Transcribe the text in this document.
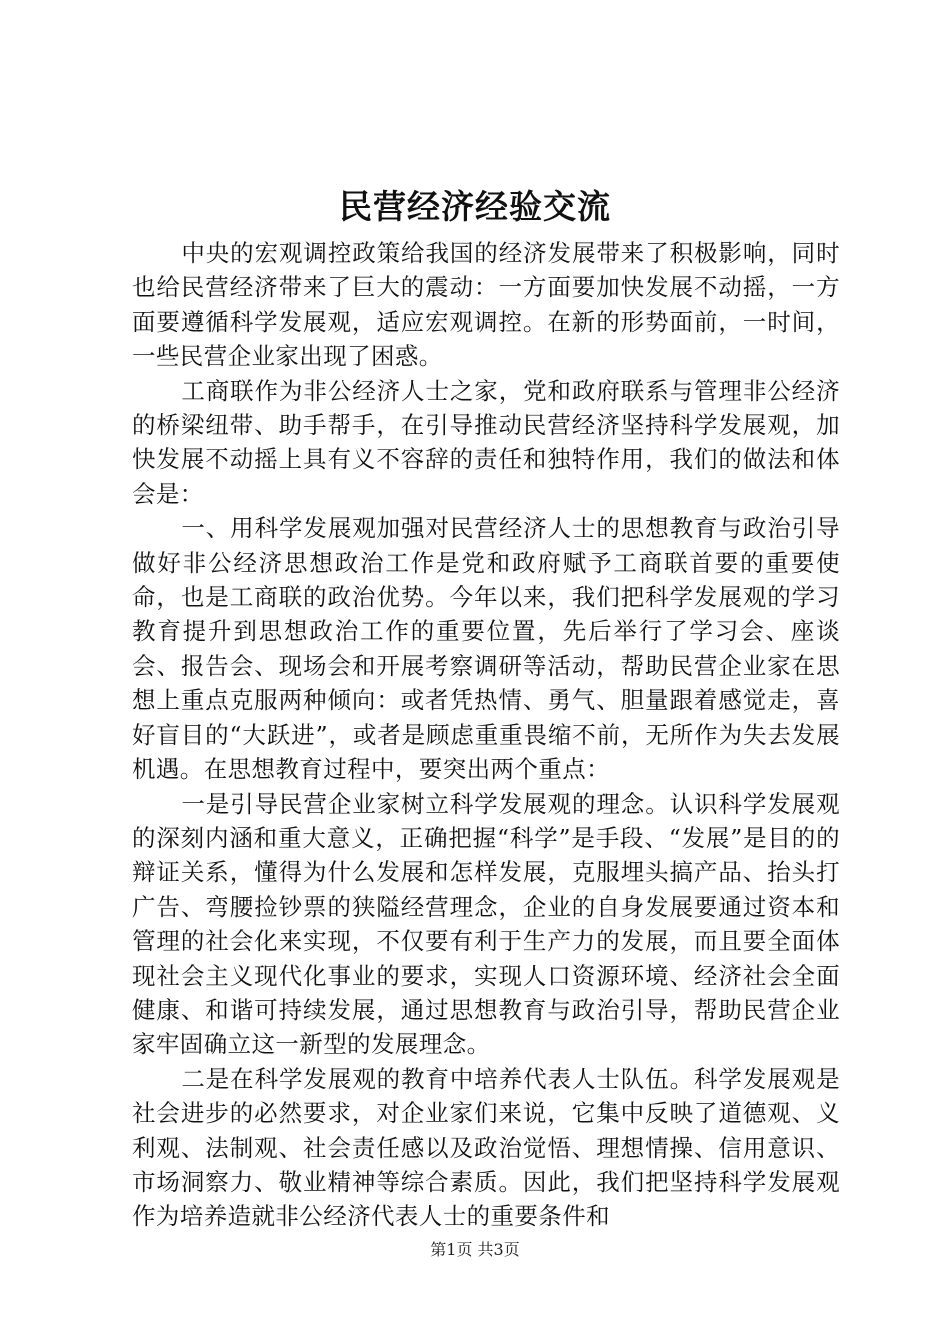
民营经济经验交流

中央的宏观调控政策给我国的经济发展带来了积极影响，同时也给民营经济带来了巨大的震动：一方面要加快发展不动摇，一方面要遵循科学发展观，适应宏观调控。在新的形势面前，一时间，一些民营企业家出现了困惑。

工商联作为非公经济人士之家，党和政府联系与管理非公经济的桥梁纽带、助手帮手，在引导推动民营经济坚持科学发展观，加快发展不动摇上具有义不容辞的责任和独特作用，我们的做法和体会是：

一、用科学发展观加强对民营经济人士的思想教育与政治引导做好非公经济思想政治工作是党和政府赋予工商联首要的重要使命，也是工商联的政治优势。今年以来，我们把科学发展观的学习教育提升到思想政治工作的重要位置，先后举行了学习会、座谈会、报告会、现场会和开展考察调研等活动，帮助民营企业家在思想上重点克服两种倾向：或者凭热情、勇气、胆量跟着感觉走，喜好盲目的“大跃进”，或者是顾虑重重畏缩不前，无所作为失去发展机遇。在思想教育过程中，要突出两个重点：

一是引导民营企业家树立科学发展观的理念。认识科学发展观的深刻内涵和重大意义，正确把握“科学”是手段、“发展”是目的的辩证关系，懂得为什么发展和怎样发展，克服埋头搞产品、抬头打广告、弯腰捡钞票的狭隘经营理念，企业的自身发展要通过资本和管理的社会化来实现，不仅要有利于生产力的发展，而且要全面体现社会主义现代化事业的要求，实现人口资源环境、经济社会全面健康、和谐可持续发展，通过思想教育与政治引导，帮助民营企业家牢固确立这一新型的发展理念。

二是在科学发展观的教育中培养代表人士队伍。科学发展观是社会进步的必然要求，对企业家们来说，它集中反映了道德观、义利观、法制观、社会责任感以及政治觉悟、理想情操、信用意识、市场洞察力、敬业精神等综合素质。因此，我们把坚持科学发展观作为培养造就非公经济代表人士的重要条件和

第1页 共3页
